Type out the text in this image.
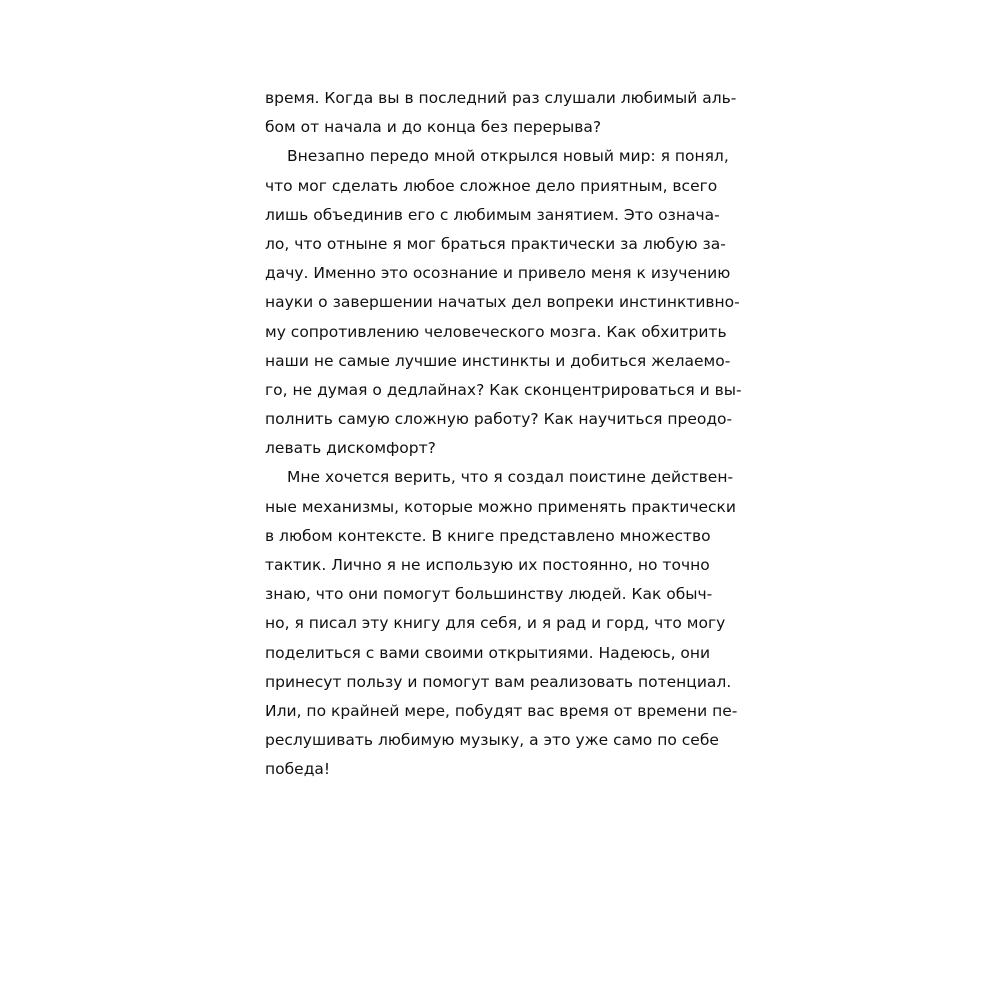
время. Когда вы в последний раз слушали любимый аль-
бом от начала и до конца без перерыва?
Внезапно передо мной открылся новый мир: я понял,
что мог сделать любое сложное дело приятным, всего
лишь объединив его с любимым занятием. Это означа-
ло, что отныне я мог браться практически за любую за-
дачу. Именно это осознание и привело меня к изучению
науки о завершении начатых дел вопреки инстинктивно-
му сопротивлению человеческого мозга. Как обхитрить
наши не самые лучшие инстинкты и добиться желаемо-
го, не думая о дедлайнах? Как сконцентрироваться и вы-
полнить самую сложную работу? Как научиться преодо-
левать дискомфорт?
Мне хочется верить, что я создал поистине действен-
ные механизмы, которые можно применять практически
в любом контексте. В книге представлено множество
тактик. Лично я не использую их постоянно, но точно
знаю, что они помогут большинству людей. Как обыч-
но, я писал эту книгу для себя, и я рад и горд, что могу
поделиться с вами своими открытиями. Надеюсь, они
принесут пользу и помогут вам реализовать потенциал.
Или, по крайней мере, побудят вас время от времени пе-
реслушивать любимую музыку, а это уже само по себе
победа!
